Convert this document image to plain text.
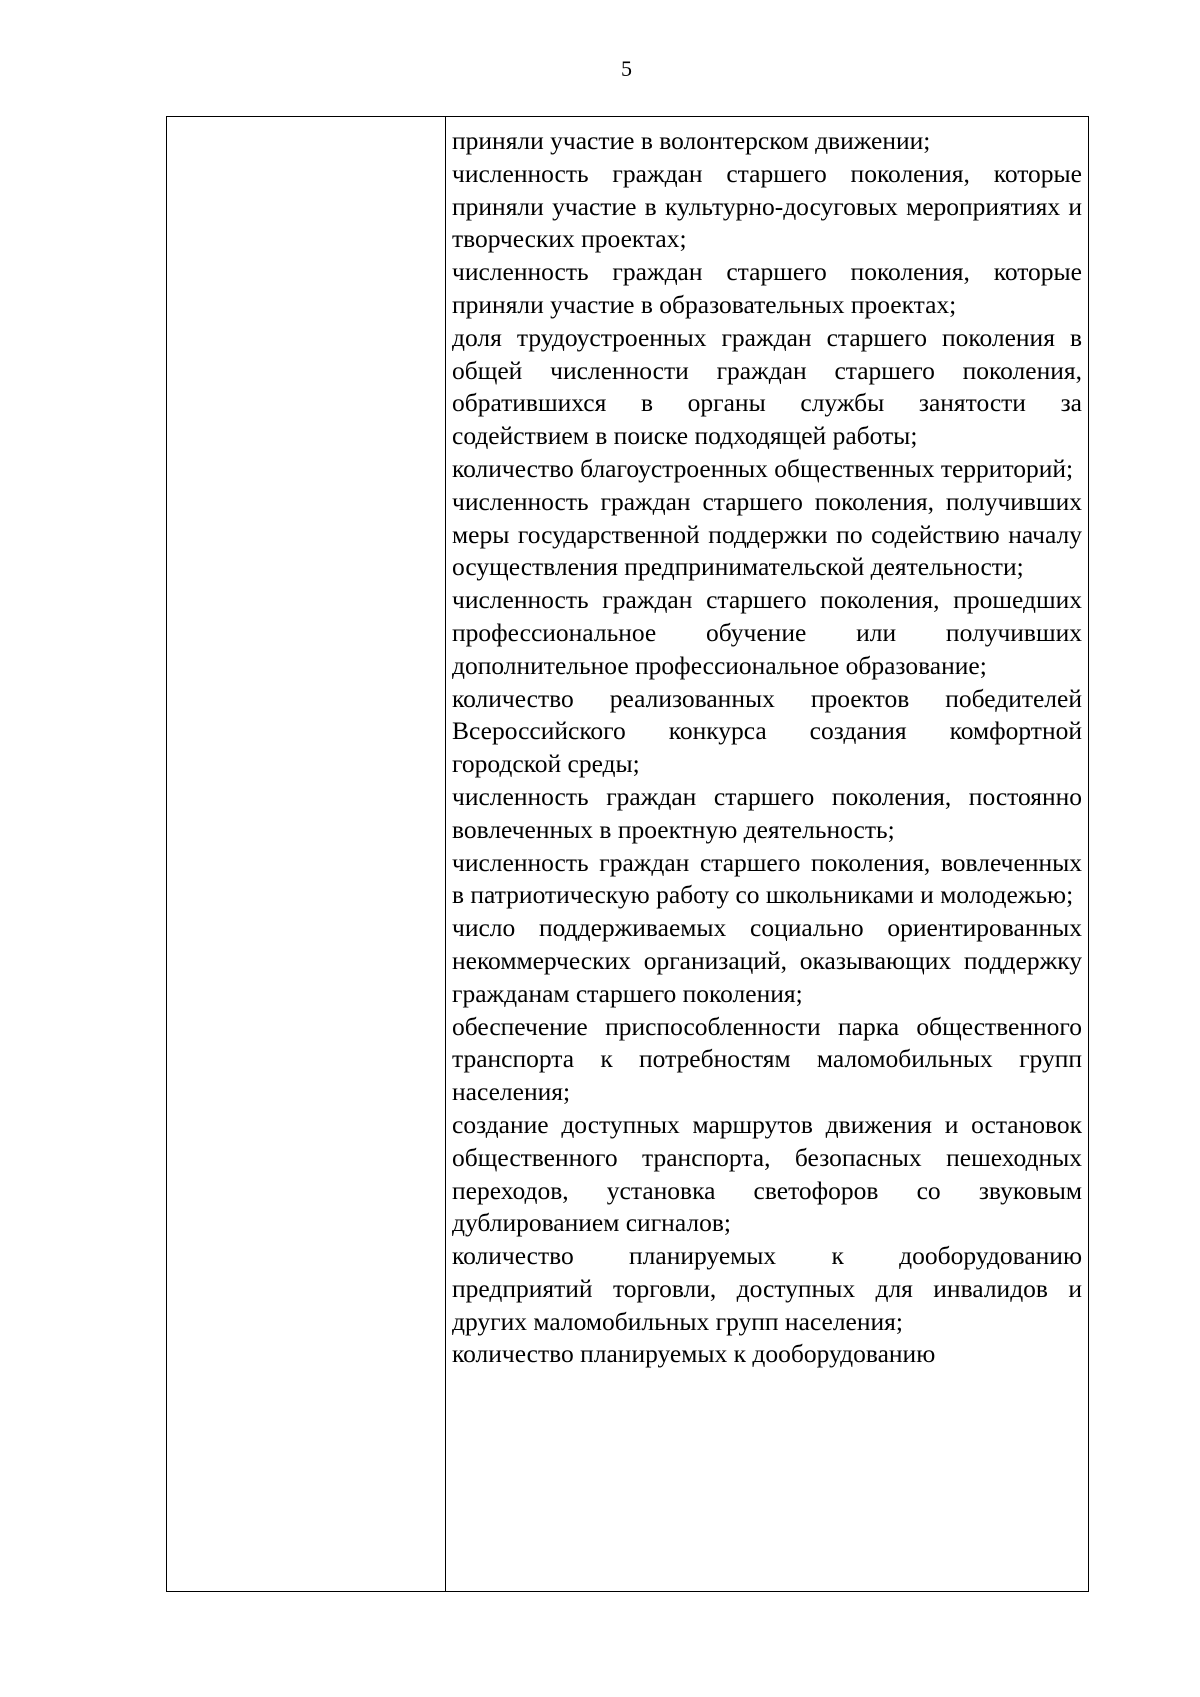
5

приняли участие в волонтерском движении;

численность граждан старшего поколения, которые приняли участие в культурно-досуговых мероприятиях и творческих проектах;

численность граждан старшего поколения, которые приняли участие в образовательных проектах;

доля трудоустроенных граждан старшего поколения в общей численности граждан старшего поколения, обратившихся в органы службы занятости за содействием в поиске подходящей работы;

количество благоустроенных общественных территорий;

численность граждан старшего поколения, получивших меры государственной поддержки по содействию началу осуществления предпринимательской деятельности;

численность граждан старшего поколения, прошедших профессиональное обучение или получивших дополнительное профессиональное образование;

количество реализованных проектов победителей Всероссийского конкурса создания комфортной городской среды;

численность граждан старшего поколения, постоянно вовлеченных в проектную деятельность;

численность граждан старшего поколения, вовлеченных в патриотическую работу со школьниками и молодежью;

число поддерживаемых социально ориентированных некоммерческих организаций, оказывающих поддержку гражданам старшего поколения;

обеспечение приспособленности парка общественного транспорта к потребностям маломобильных групп населения;

создание доступных маршрутов движения и остановок общественного транспорта, безопасных пешеходных переходов, установка светофоров со звуковым дублированием сигналов;

количество планируемых к дооборудованию предприятий торговли, доступных для инвалидов и других маломобильных групп населения;

количество планируемых к дооборудованию
